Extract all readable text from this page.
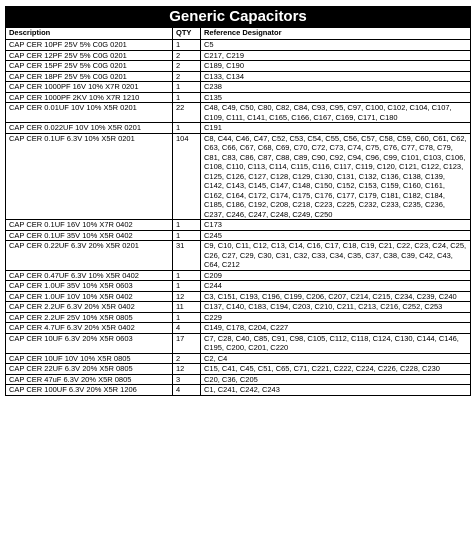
Generic Capacitors		
Description	QTY	Reference Designator
CAP CER 10PF 25V 5% C0G 0201	1	C5
CAP CER 12PF 25V 5% C0G 0201	2	C217, C219
CAP CER 15PF 25V 5% C0G 0201	2	C189, C190
CAP CER 18PF 25V 5% C0G 0201	2	C133, C134
CAP CER 1000PF 16V 10% X7R 0201	1	C238
CAP CER 1000PF 2KV 10% X7R 1210	1	C135
CAP CER 0.01UF 10V 10% X5R 0201	22	C48, C49, C50, C80, C82, C84, C93, C95, C97, C100, C102, C104, C107, C109, C111, C141, C165, C166, C167, C169, C171, C180
CAP CER 0.022UF 10V 10% X5R 0201	1	C191
CAP CER 0.1UF 6.3V 10% X5R 0201	104	C8, C44, C46, C47, C52, C53, C54, C55, C56, C57, C58, C59, C60, C61, C62, C63, C66, C67, C68, C69, C70, C72, C73, C74, C75, C76, C77, C78, C79, C81, C83, C86, C87, C88, C89, C90, C92, C94, C96, C99, C101, C103, C106, C108, C110, C113, C114, C115, C116, C117, C119, C120, C121, C122, C123, C125, C126, C127, C128, C129, C130, C131, C132, C136, C138, C139, C142, C143, C145, C147, C148, C150, C152, C153, C159, C160, C161, C162, C164, C172, C174, C175, C176, C177, C179, C181, C182, C184, C185, C186, C192, C208, C218, C223, C225, C232, C233, C235, C236, C237, C246, C247, C248, C249, C250
CAP CER 0.1UF 16V 10% X7R 0402	1	C173
CAP CER 0.1UF 35V 10% X5R 0402	1	C245
CAP CER 0.22UF 6.3V 20% X5R 0201	31	C9, C10, C11, C12, C13, C14, C16, C17, C18, C19, C21, C22, C23, C24, C25, C26, C27, C29, C30, C31, C32, C33, C34, C35, C37, C38, C39, C42, C43, C64, C212
CAP CER 0.47UF 6.3V 10% X5R 0402	1	C209
CAP CER 1.0UF 35V 10% X5R 0603	1	C244
CAP CER 1.0UF 10V 10% X5R 0402	12	C3, C151, C193, C196, C199, C206, C207, C214, C215, C234, C239, C240
CAP CER 2.2UF 6.3V 20% X5R 0402	11	C137, C140, C183, C194, C203, C210, C211, C213, C216, C252, C253
CAP CER 2.2UF 25V 10% X5R 0805	1	C229
CAP CER 4.7UF 6.3V 20% X5R 0402	4	C149, C178, C204, C227
CAP CER 10UF 6.3V 20% X5R 0603	17	C7, C28, C40, C85, C91, C98, C105, C112, C118, C124, C130, C144, C146, C195, C200, C201, C220
CAP CER 10UF 10V 10% X5R 0805	2	C2, C4
CAP CER 22UF 6.3V 20% X5R 0805	12	C15, C41, C45, C51, C65, C71, C221, C222, C224, C226, C228, C230
CAP CER 47uF 6.3V 20% X5R 0805	3	C20, C36, C205
CAP CER 100UF 6.3V 20% X5R 1206	4	C1, C241, C242, C243
